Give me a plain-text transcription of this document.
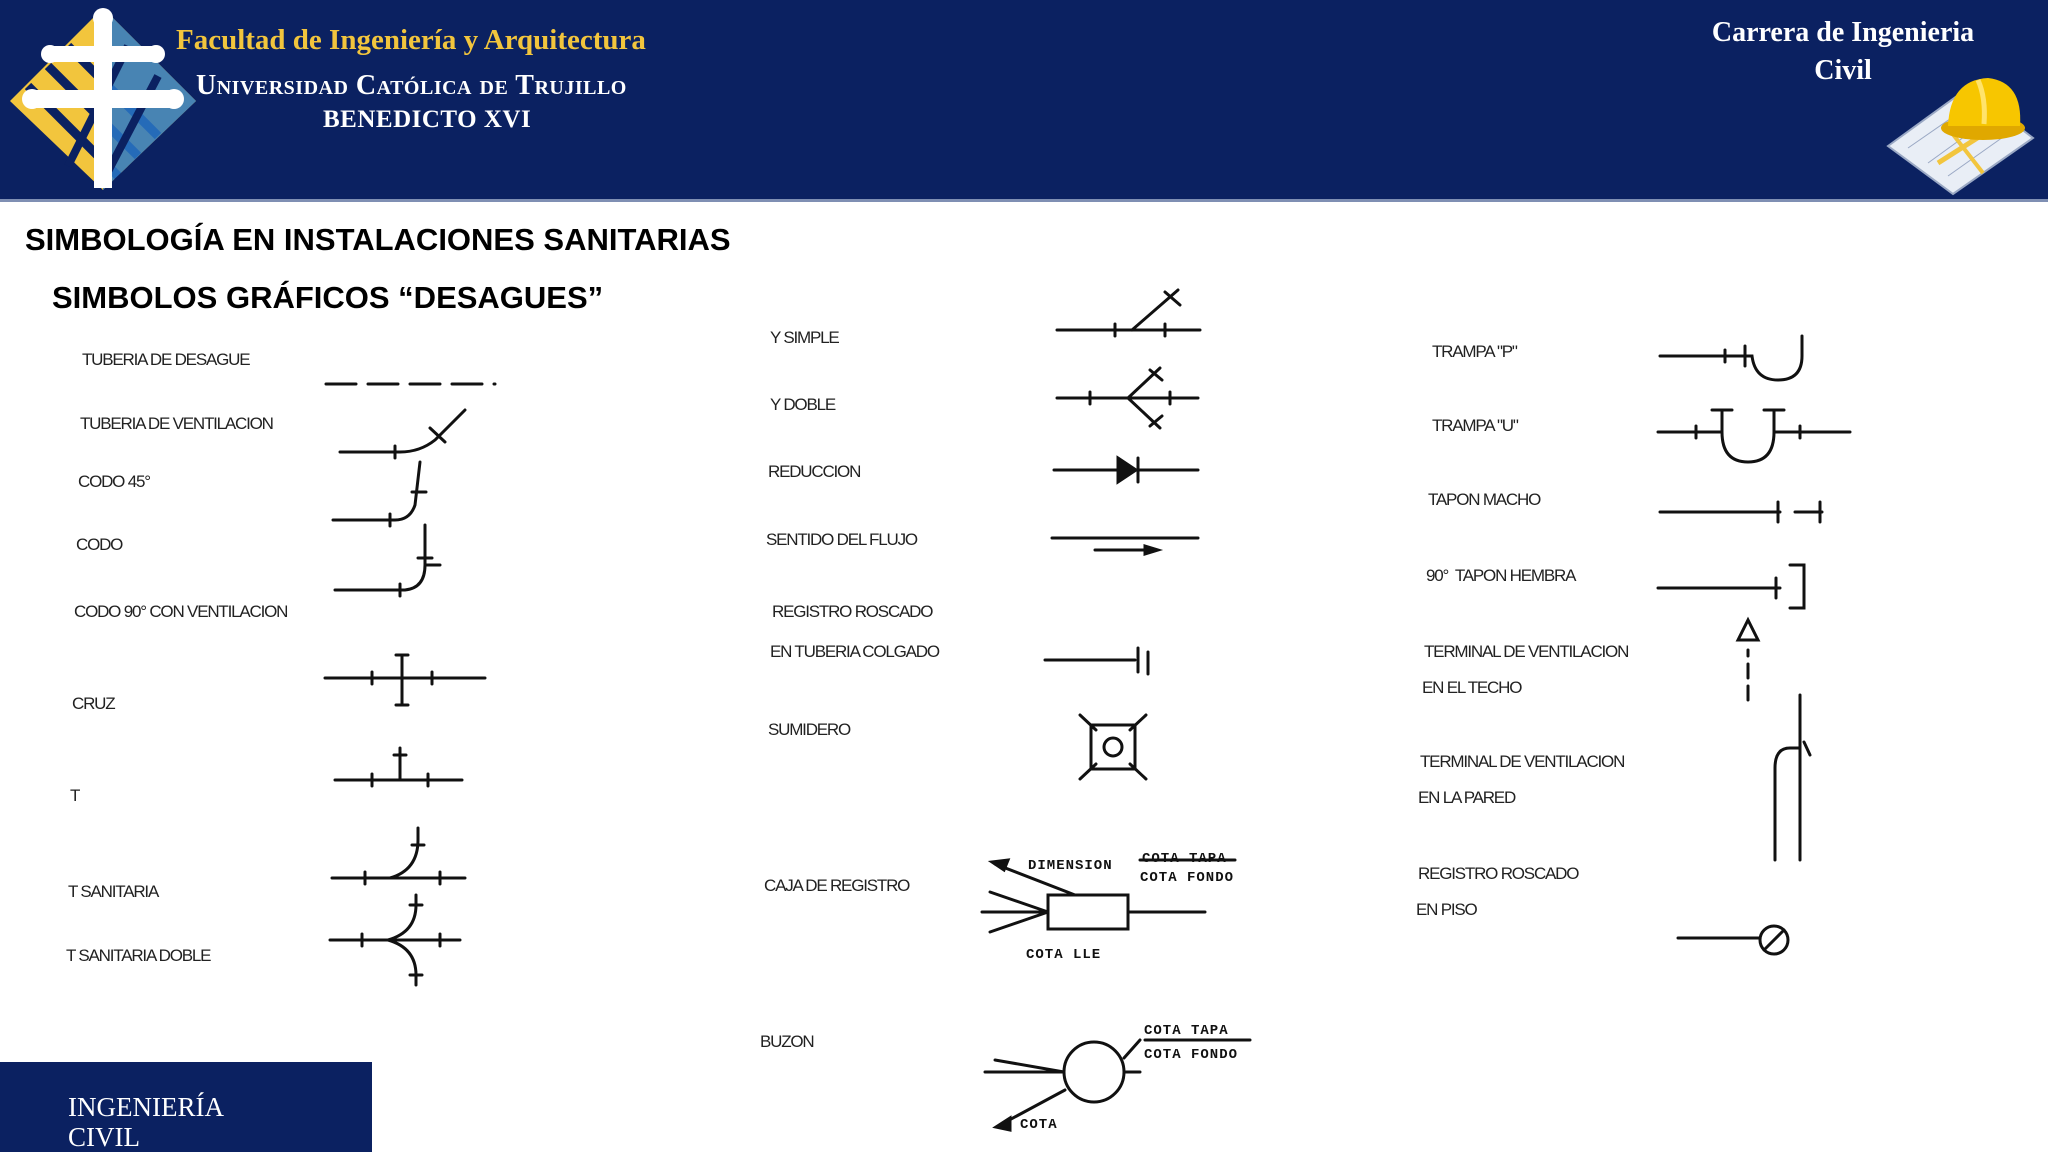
Facultad de Ingeniería y Arquitectura
Universidad Católica de Trujillo
BENEDICTO XVI
Carrera de Ingenieria
Civil
SIMBOLOGÍA EN INSTALACIONES SANITARIAS
SIMBOLOS GRÁFICOS “DESAGUES”
TUBERIA DE DESAGUE
TUBERIA DE VENTILACION
CODO 45°
CODO
CODO 90° CON VENTILACION
CRUZ
T
T SANITARIA
T SANITARIA DOBLE
Y SIMPLE
Y DOBLE
REDUCCION
SENTIDO DEL FLUJO
REGISTRO ROSCADO
EN TUBERIA COLGADO
SUMIDERO
CAJA DE REGISTRO
BUZON
TRAMPA "P"
TRAMPA "U"
TAPON MACHO
90°  TAPON HEMBRA
TERMINAL DE VENTILACION
EN EL TECHO
TERMINAL DE VENTILACION
EN LA PARED
REGISTRO ROSCADO
EN PISO
DIMENSION COTA TAPA
COTA FONDO
COTA LLE
COTA TAPA
COTA FONDO
COTA
INGENIERÍA
CIVIL
